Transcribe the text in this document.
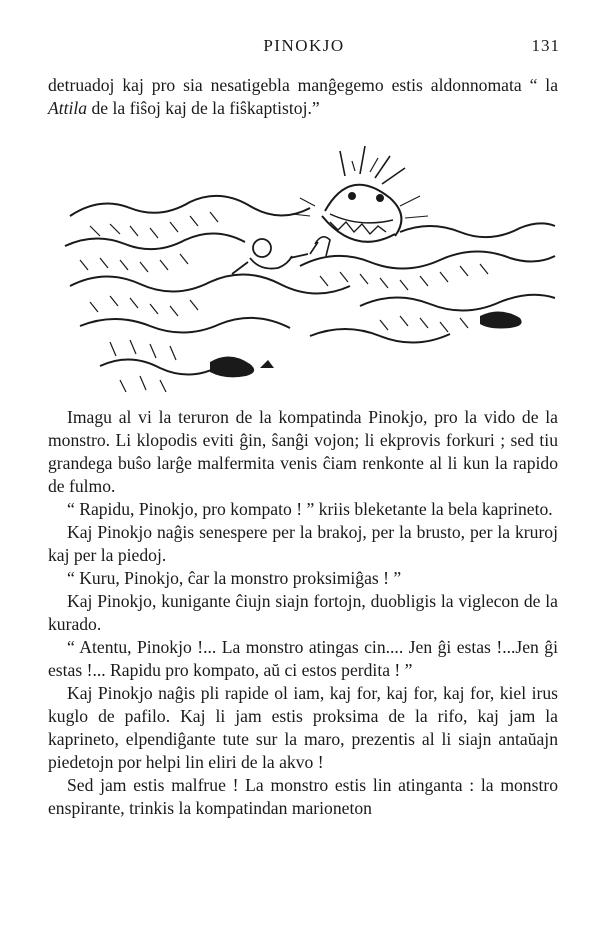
PINOKJO	131

detruadoj kaj pro sia nesatigebla manĝegemo estis aldonnomata “ la Attila de la fiŝoj kaj de la fiŝkaptistoj.”

Imagu al vi la teruron de la kompatinda Pinokjo, pro la vido de la monstro. Li klopodis eviti ĝin, ŝanĝi vojon; li ekprovis forkuri ; sed tiu grandega buŝo larĝe malfermita venis ĉiam renkonte al li kun la rapido de fulmo.

“ Rapidu, Pinokjo, pro kompato ! ” kriis bleketante la bela kaprineto.

Kaj Pinokjo naĝis senespere per la brakoj, per la brusto, per la kruroj kaj per la piedoj.

“ Kuru, Pinokjo, ĉar la monstro proksimiĝas ! ”

Kaj Pinokjo, kunigante ĉiujn siajn fortojn, duobligis la viglecon de la kurado.

“ Atentu, Pinokjo !... La monstro atingas cin.... Jen ĝi estas !...Jen ĝi estas !... Rapidu pro kompato, aŭ ci estos perdita ! ”

Kaj Pinokjo naĝis pli rapide ol iam, kaj for, kaj for, kaj for, kiel irus kuglo de pafilo. Kaj li jam estis proksima de la rifo, kaj jam la kaprineto, elpendiĝante tute sur la maro, prezentis al li siajn antaŭajn piedetojn por helpi lin eliri de la akvo !

Sed jam estis malfrue ! La monstro estis lin atinganta : la monstro enspirante, trinkis la kompatindan marioneton
